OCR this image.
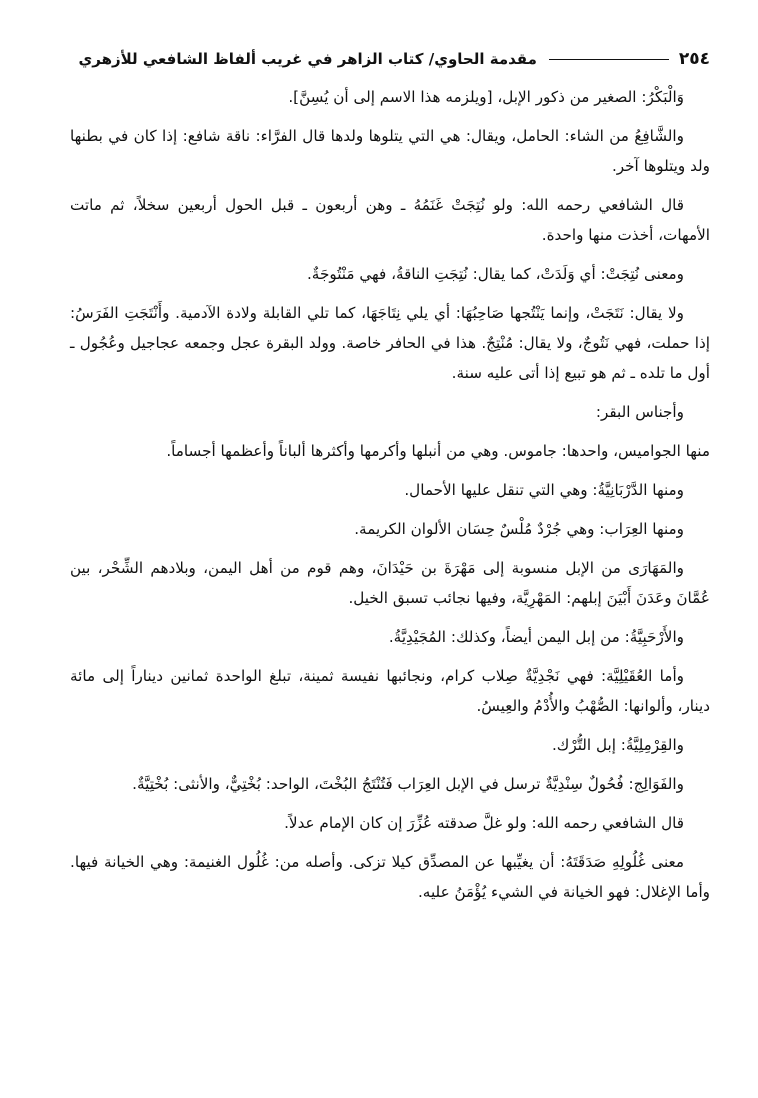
٢٥٤
مقدمة الحاوي/ كتاب الزاهر في غريب ألفاظ الشافعي للأزهري

وَالْبَكْرُ: الصغير من ذكور الإبل، [ويلزمه هذا الاسم إلى أن يُسِنَّ].

والشَّافِعُ من الشاء: الحامل، ويقال: هي التي يتلوها ولدها قال الفرَّاء: ناقة شافع: إذا كان في بطنها ولد ويتلوها آخر.

قال الشافعي رحمه الله: ولو نُتِجَتْ غَنَمُهُ ـ وهن أربعون ـ قبل الحول أربعين سخلاً، ثم ماتت الأمهات، أخذت منها واحدة.

ومعنى نُتِجَتْ: أي وَلَدَتْ، كما يقال: نُتِجَتِ الناقةُ، فهي مَنْتُوجَةٌ.

ولا يقال: نَتَجَتْ، وإنما يَنْتُجها صَاحِبُهَا: أي يلي نِتَاجَهَا، كما تلي القابلة ولادة الآدمية. وأَنْتَجَتِ الفَرَسُ: إذا حملت، فهي نَتُوجٌ، ولا يقال: مُنْتِجٌ. هذا في الحافر خاصة. وولد البقرة عجل وجمعه عجاجيل وعُجُول ـ أول ما تلده ـ ثم هو تبيع إذا أتى عليه سنة.

وأجناس البقر:

منها الجواميس، واحدها: جاموس. وهي من أنبلها وأكرمها وأكثرها ألباناً وأعظمها أجساماً.

ومنها الدَّرْبَانِيَّةُ: وهي التي تنقل عليها الأحمال.

ومنها العِرَاب: وهي جُرْدٌ مُلْسٌ حِسَان الألوان الكريمة.

والمَهَارَى من الإبل منسوبة إلى مَهْرَةَ بن حَيْدَانَ، وهم قوم من أهل اليمن، وبلادهم الشِّحْر، بين عُمَّانَ وعَدَنَ أَبْيَنَ إبلهم: المَهْرِيَّة، وفيها نجائب تسبق الخيل.

والأَرْحَبِيَّةُ: من إبل اليمن أيضاً، وكذلك: المُجَيْدِيَّةُ.

وأما العُقَيْلِيَّة: فهي نَجْدِيَّةٌ صِلاب كرام، ونجائبها نفيسة ثمينة، تبلغ الواحدة ثمانين ديناراً إلى مائة دينار، وألوانها: الصُّهْبُ والأُدْمُ والعِيسُ.

والقِرْمِلِيَّةُ: إبل التُّرْك.

والفَوَالِج: فُحُولٌ سِنْدِيَّةٌ ترسل في الإبل العِرَاب فَتُنْتَجُ البُخْتَ، الواحد: بُخْتِيٌّ، والأنثى: بُخْتِيَّةٌ.

قال الشافعي رحمه الله: ولو غلَّ صدقته عُزِّرَ إن كان الإمام عدلاً.

معنى غُلُولِهِ صَدَقَتَهُ: أن يغيِّبها عن المصدِّق كيلا تزكى. وأصله من: غُلُول الغنيمة: وهي الخيانة فيها. وأما الإغلال: فهو الخيانة في الشيء يُؤْمَنُ عليه.
